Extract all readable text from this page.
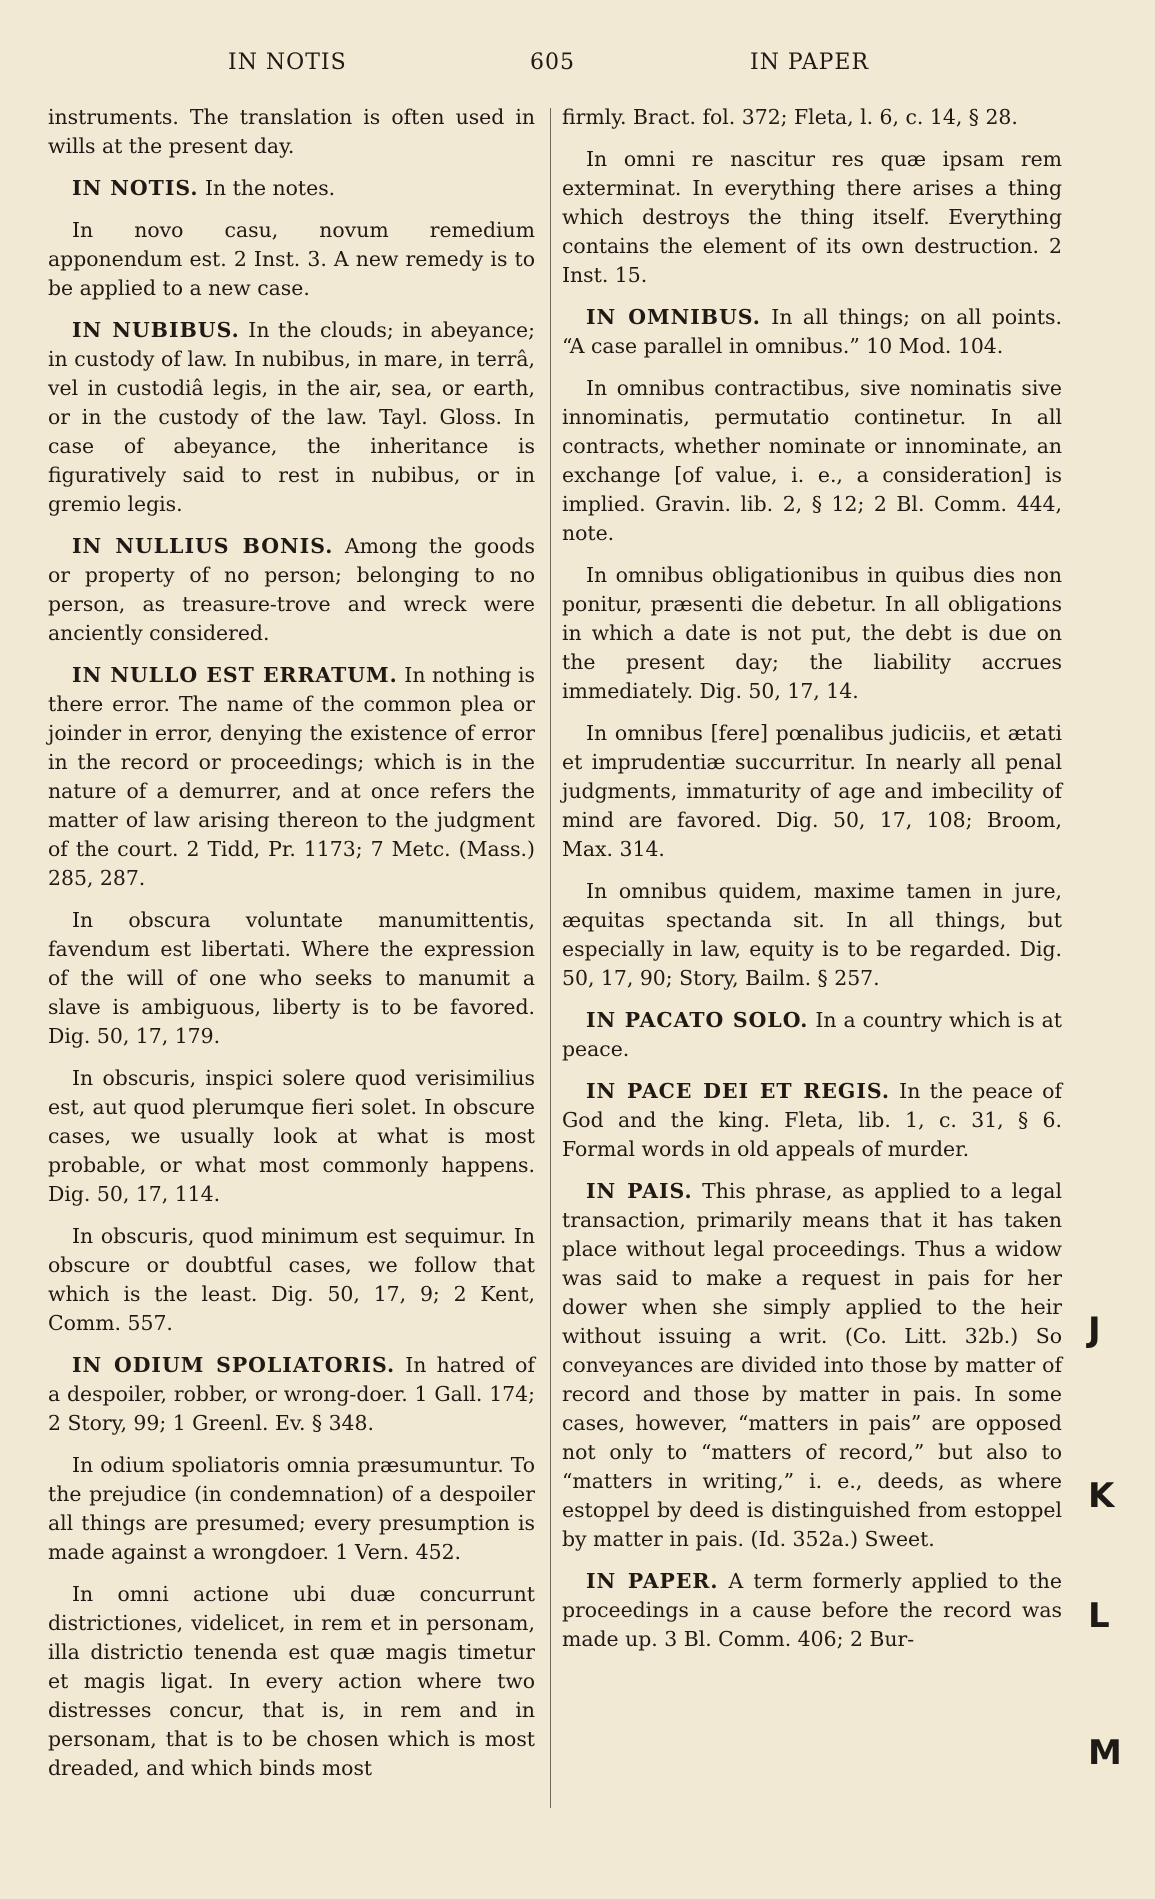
IN NOTIS	605	IN PAPER

instruments. The translation is often used in wills at the present day.

IN NOTIS. In the notes.

In novo casu, novum remedium apponendum est. 2 Inst. 3. A new remedy is to be applied to a new case.

IN NUBIBUS. In the clouds; in abeyance; in custody of law. In nubibus, in mare, in terrâ, vel in custodiâ legis, in the air, sea, or earth, or in the custody of the law. Tayl. Gloss. In case of abeyance, the inheritance is figuratively said to rest in nubibus, or in gremio legis.

IN NULLIUS BONIS. Among the goods or property of no person; belonging to no person, as treasure-trove and wreck were anciently considered.

IN NULLO EST ERRATUM. In nothing is there error. The name of the common plea or joinder in error, denying the existence of error in the record or proceedings; which is in the nature of a demurrer, and at once refers the matter of law arising thereon to the judgment of the court. 2 Tidd, Pr. 1173; 7 Metc. (Mass.) 285, 287.

In obscura voluntate manumittentis, favendum est libertati. Where the expression of the will of one who seeks to manumit a slave is ambiguous, liberty is to be favored. Dig. 50, 17, 179.

In obscuris, inspici solere quod verisimilius est, aut quod plerumque fieri solet. In obscure cases, we usually look at what is most probable, or what most commonly happens. Dig. 50, 17, 114.

In obscuris, quod minimum est sequimur. In obscure or doubtful cases, we follow that which is the least. Dig. 50, 17, 9; 2 Kent, Comm. 557.

IN ODIUM SPOLIATORIS. In hatred of a despoiler, robber, or wrong-doer. 1 Gall. 174; 2 Story, 99; 1 Greenl. Ev. § 348.

In odium spoliatoris omnia præsumuntur. To the prejudice (in condemnation) of a despoiler all things are presumed; every presumption is made against a wrongdoer. 1 Vern. 452.

In omni actione ubi duæ concurrunt districtiones, videlicet, in rem et in personam, illa districtio tenenda est quæ magis timetur et magis ligat. In every action where two distresses concur, that is, in rem and in personam, that is to be chosen which is most dreaded, and which binds most

firmly. Bract. fol. 372; Fleta, l. 6, c. 14, § 28.

In omni re nascitur res quæ ipsam rem exterminat. In everything there arises a thing which destroys the thing itself. Everything contains the element of its own destruction. 2 Inst. 15.

IN OMNIBUS. In all things; on all points. “A case parallel in omnibus.” 10 Mod. 104.

In omnibus contractibus, sive nominatis sive innominatis, permutatio continetur. In all contracts, whether nominate or innominate, an exchange [of value, i. e., a consideration] is implied. Gravin. lib. 2, § 12; 2 Bl. Comm. 444, note.

In omnibus obligationibus in quibus dies non ponitur, præsenti die debetur. In all obligations in which a date is not put, the debt is due on the present day; the liability accrues immediately. Dig. 50, 17, 14.

In omnibus [fere] pœnalibus judiciis, et ætati et imprudentiæ succurritur. In nearly all penal judgments, immaturity of age and imbecility of mind are favored. Dig. 50, 17, 108; Broom, Max. 314.

In omnibus quidem, maxime tamen in jure, æquitas spectanda sit. In all things, but especially in law, equity is to be regarded. Dig. 50, 17, 90; Story, Bailm. § 257.

IN PACATO SOLO. In a country which is at peace.

IN PACE DEI ET REGIS. In the peace of God and the king. Fleta, lib. 1, c. 31, § 6. Formal words in old appeals of murder.

IN PAIS. This phrase, as applied to a legal transaction, primarily means that it has taken place without legal proceedings. Thus a widow was said to make a request in pais for her dower when she simply applied to the heir without issuing a writ. (Co. Litt. 32b.) So conveyances are divided into those by matter of record and those by matter in pais. In some cases, however, “matters in pais” are opposed not only to “matters of record,” but also to “matters in writing,” i. e., deeds, as where estoppel by deed is distinguished from estoppel by matter in pais. (Id. 352a.) Sweet.

IN PAPER. A term formerly applied to the proceedings in a cause before the record was made up. 3 Bl. Comm. 406; 2 Bur-

J
K
L
M
